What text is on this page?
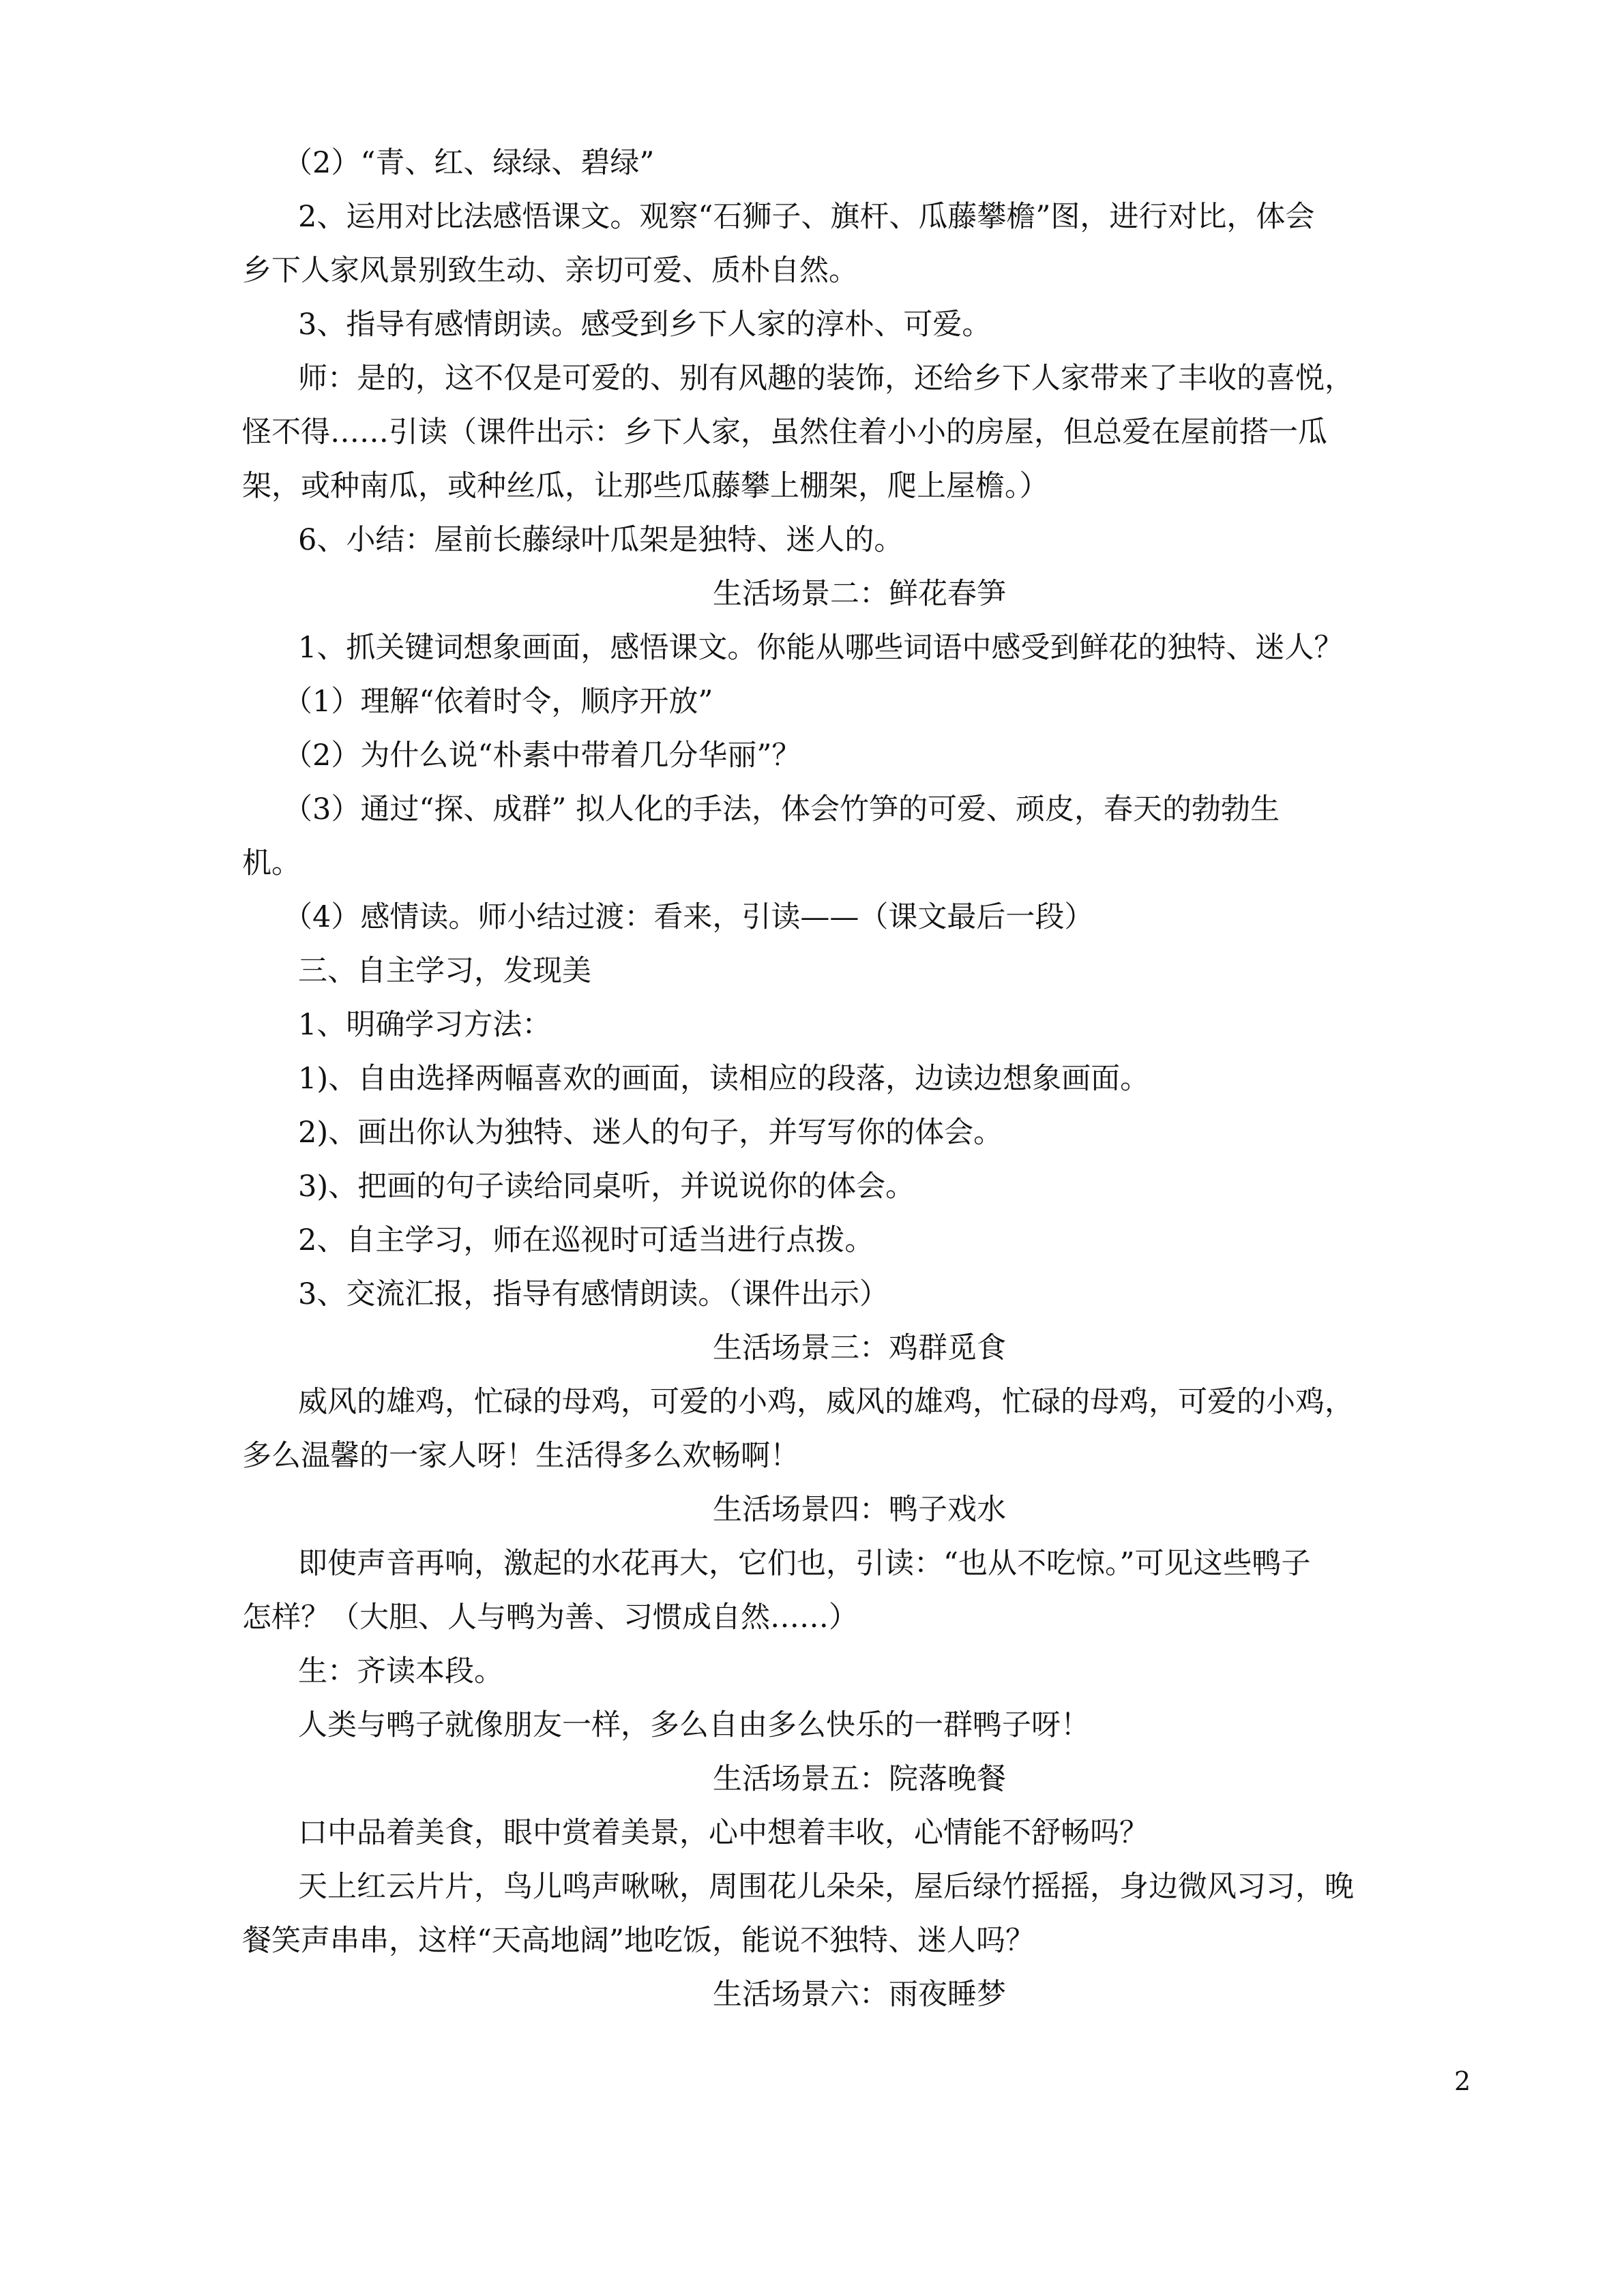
（2）“青、红、绿绿、碧绿”
2、运用对比法感悟课文。观察“石狮子、旗杆、瓜藤攀檐”图，进行对比，体会
乡下人家风景别致生动、亲切可爱、质朴自然。
3、指导有感情朗读。感受到乡下人家的淳朴、可爱。
师：是的，这不仅是可爱的、别有风趣的装饰，还给乡下人家带来了丰收的喜悦，
怪不得……引读（课件出示：乡下人家，虽然住着小小的房屋，但总爱在屋前搭一瓜
架，或种南瓜，或种丝瓜，让那些瓜藤攀上棚架，爬上屋檐。）
6、小结：屋前长藤绿叶瓜架是独特、迷人的。
生活场景二：鲜花春笋
1、抓关键词想象画面，感悟课文。你能从哪些词语中感受到鲜花的独特、迷人？
（1）理解“依着时令，顺序开放”
（2）为什么说“朴素中带着几分华丽”？
（3）通过“探、成群” 拟人化的手法，体会竹笋的可爱、顽皮，春天的勃勃生
机。
（4）感情读。师小结过渡：看来，引读——（课文最后一段）
三、自主学习，发现美
1、明确学习方法：
1)、自由选择两幅喜欢的画面，读相应的段落，边读边想象画面。
2)、画出你认为独特、迷人的句子，并写写你的体会。
3)、把画的句子读给同桌听，并说说你的体会。
2、自主学习，师在巡视时可适当进行点拨。
3、交流汇报，指导有感情朗读。（课件出示）
生活场景三：鸡群觅食
威风的雄鸡，忙碌的母鸡，可爱的小鸡，威风的雄鸡，忙碌的母鸡，可爱的小鸡，
多么温馨的一家人呀！生活得多么欢畅啊！
生活场景四：鸭子戏水
即使声音再响，激起的水花再大，它们也，引读：“也从不吃惊。”可见这些鸭子
怎样？（大胆、人与鸭为善、习惯成自然……）
生：齐读本段。
人类与鸭子就像朋友一样，多么自由多么快乐的一群鸭子呀！
生活场景五：院落晚餐
口中品着美食，眼中赏着美景，心中想着丰收，心情能不舒畅吗？
天上红云片片，鸟儿鸣声啾啾，周围花儿朵朵，屋后绿竹摇摇，身边微风习习，晚
餐笑声串串，这样“天高地阔”地吃饭，能说不独特、迷人吗？
生活场景六：雨夜睡梦
2
